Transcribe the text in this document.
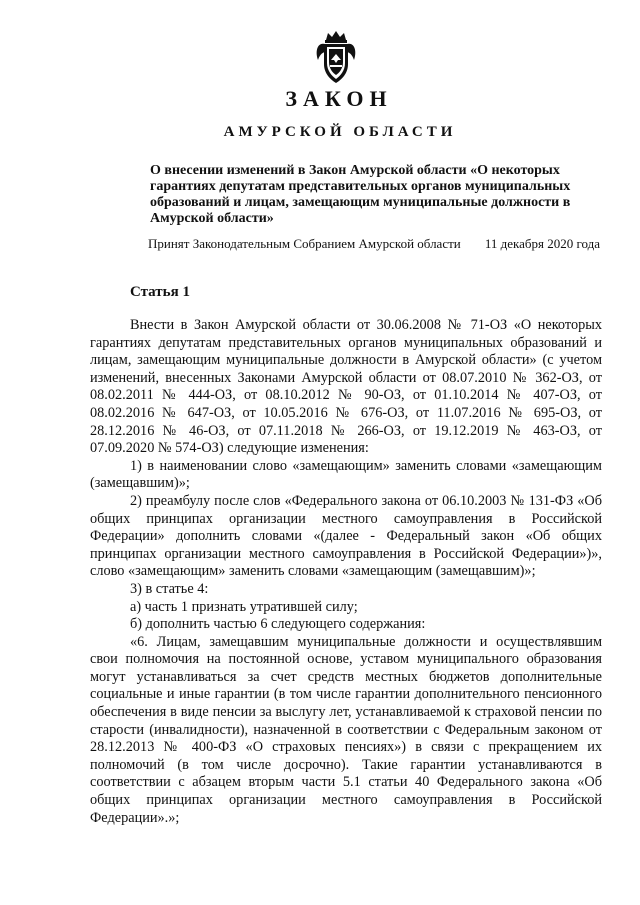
ЗАКОН
АМУРСКОЙ ОБЛАСТИ

О внесении изменений в Закон Амурской области «О некоторых гарантиях депутатам представительных органов муниципальных образований и лицам, замещающим муниципальные должности в Амурской области»

Принят Законодательным Собранием Амурской области 11 декабря 2020 года
Статья 1

Внести в Закон Амурской области от 30.06.2008 № 71-ОЗ «О некоторых гарантиях депутатам представительных органов муниципальных образований и лицам, замещающим муниципальные должности в Амурской области» (с учетом изменений, внесенных Законами Амурской области от 08.07.2010 № 362-ОЗ, от 08.02.2011 № 444-ОЗ, от 08.10.2012 № 90-ОЗ, от 01.10.2014 № 407-ОЗ, от 08.02.2016 № 647-ОЗ, от 10.05.2016 № 676-ОЗ, от 11.07.2016 № 695-ОЗ, от 28.12.2016 № 46-ОЗ, от 07.11.2018 № 266-ОЗ, от 19.12.2019 № 463-ОЗ, от 07.09.2020 № 574-ОЗ) следующие изменения:

1) в наименовании слово «замещающим» заменить словами «замещающим (замещавшим)»;

2) преамбулу после слов «Федерального закона от 06.10.2003 № 131-ФЗ «Об общих принципах организации местного самоуправления в Российской Федерации» дополнить словами «(далее - Федеральный закон «Об общих принципах организации местного самоуправления в Российской Федерации»)», слово «замещающим» заменить словами «замещающим (замещавшим)»;

3) в статье 4:

а) часть 1 признать утратившей силу;

б) дополнить частью 6 следующего содержания:

«6. Лицам, замещавшим муниципальные должности и осуществлявшим свои полномочия на постоянной основе, уставом муниципального образования могут устанавливаться за счет средств местных бюджетов дополнительные социальные и иные гарантии (в том числе гарантии дополнительного пенсионного обеспечения в виде пенсии за выслугу лет, устанавливаемой к страховой пенсии по старости (инвалидности), назначенной в соответствии с Федеральным законом от 28.12.2013 № 400-ФЗ «О страховых пенсиях») в связи с прекращением их полномочий (в том числе досрочно). Такие гарантии устанавливаются в соответствии с абзацем вторым части 5.1 статьи 40 Федерального закона «Об общих принципах организации местного самоуправления в Российской Федерации».»;
